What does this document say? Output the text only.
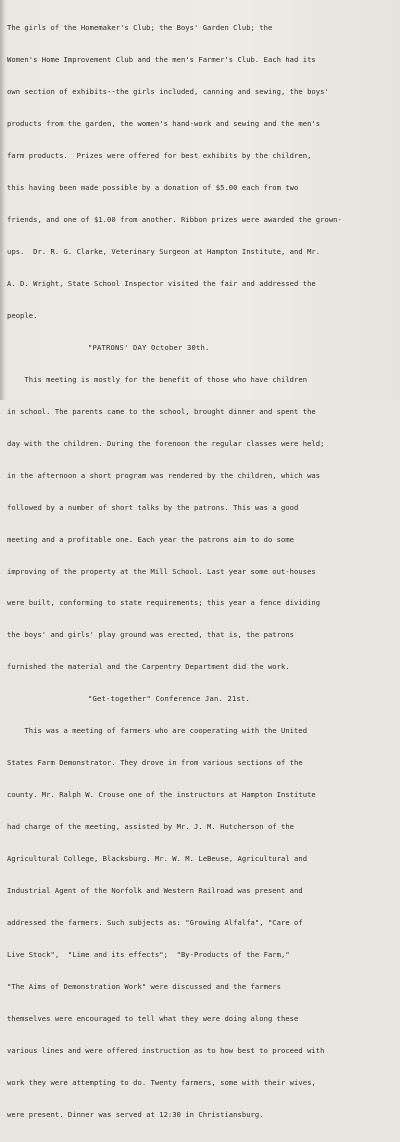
The girls of the Homemaker's Club; the Boys' Garden Club; the

Women's Home Improvement Club and the men's Farmer's Club. Each had its

own section of exhibits--the girls included, canning and sewing, the boys'

products from the garden, the women's hand-work and sewing and the men's

farm products.  Prizes were offered for best exhibits by the children,

this having been made possible by a donation of $5.00 each from two

friends, and one of $1.00 from another. Ribbon prizes were awarded the grown-

ups.  Dr. R. G. Clarke, Veterinary Surgeon at Hampton Institute, and Mr.

A. D. Wright, State School Inspector visited the fair and addressed the

people.

"PATRONS' DAY October 30th.

This meeting is mostly for the benefit of those who have children

in school. The parents came to the school, brought dinner and spent the

day with the children. During the forenoon the regular classes were held;

in the afternoon a short program was rendered by the children, which was

followed by a number of short talks by the patrons. This was a good

meeting and a profitable one. Each year the patrons aim to do some

improving of the property at the Mill School. Last year some out-houses

were built, conforming to state requirements; this year a fence dividing

the boys' and girls' play ground was erected, that is, the patrons

furnished the material and the Carpentry Department did the work.

"Get-together" Conference Jan. 21st.

This was a meeting of farmers who are cooperating with the United

States Farm Demonstrator. They drove in from various sections of the

county. Mr. Ralph W. Crouse one of the instructors at Hampton Institute

had charge of the meeting, assisted by Mr. J. M. Hutcherson of the

Agricultural College, Blacksburg. Mr. W. M. LeBeuse, Agricultural and

Industrial Agent of the Norfolk and Western Railroad was present and

addressed the farmers. Such subjects as: "Growing Alfalfa", "Care of

Live Stock",  "Lime and its effects";  "By-Products of the Farm,"

"The Aims of Demonstration Work" were discussed and the farmers

themselves were encouraged to tell what they were doing along these

various lines and were offered instruction as to how best to proceed with

work they were attempting to do. Twenty farmers, some with their wives,

were present. Dinner was served at 12:30 in Christiansburg.
